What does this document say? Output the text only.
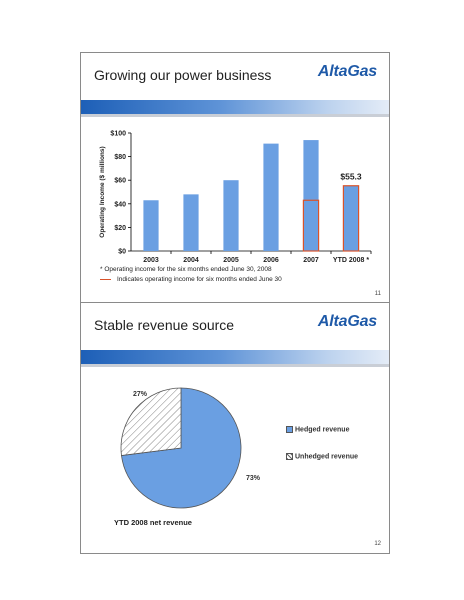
Growing our power business	AltaGas
$0
$20
$40
$60
$80
$100
Operating Income ($ millions)
2003	2004	2005	2006	2007 YTD 2008 *
$55.3
* Operating income for the six months ended June 30, 2008
Indicates operating income for six months ended June 30
11
Stable revenue source	AltaGas
27%
73%
Hedged revenue
Unhedged revenue
YTD 2008 net revenue
12
